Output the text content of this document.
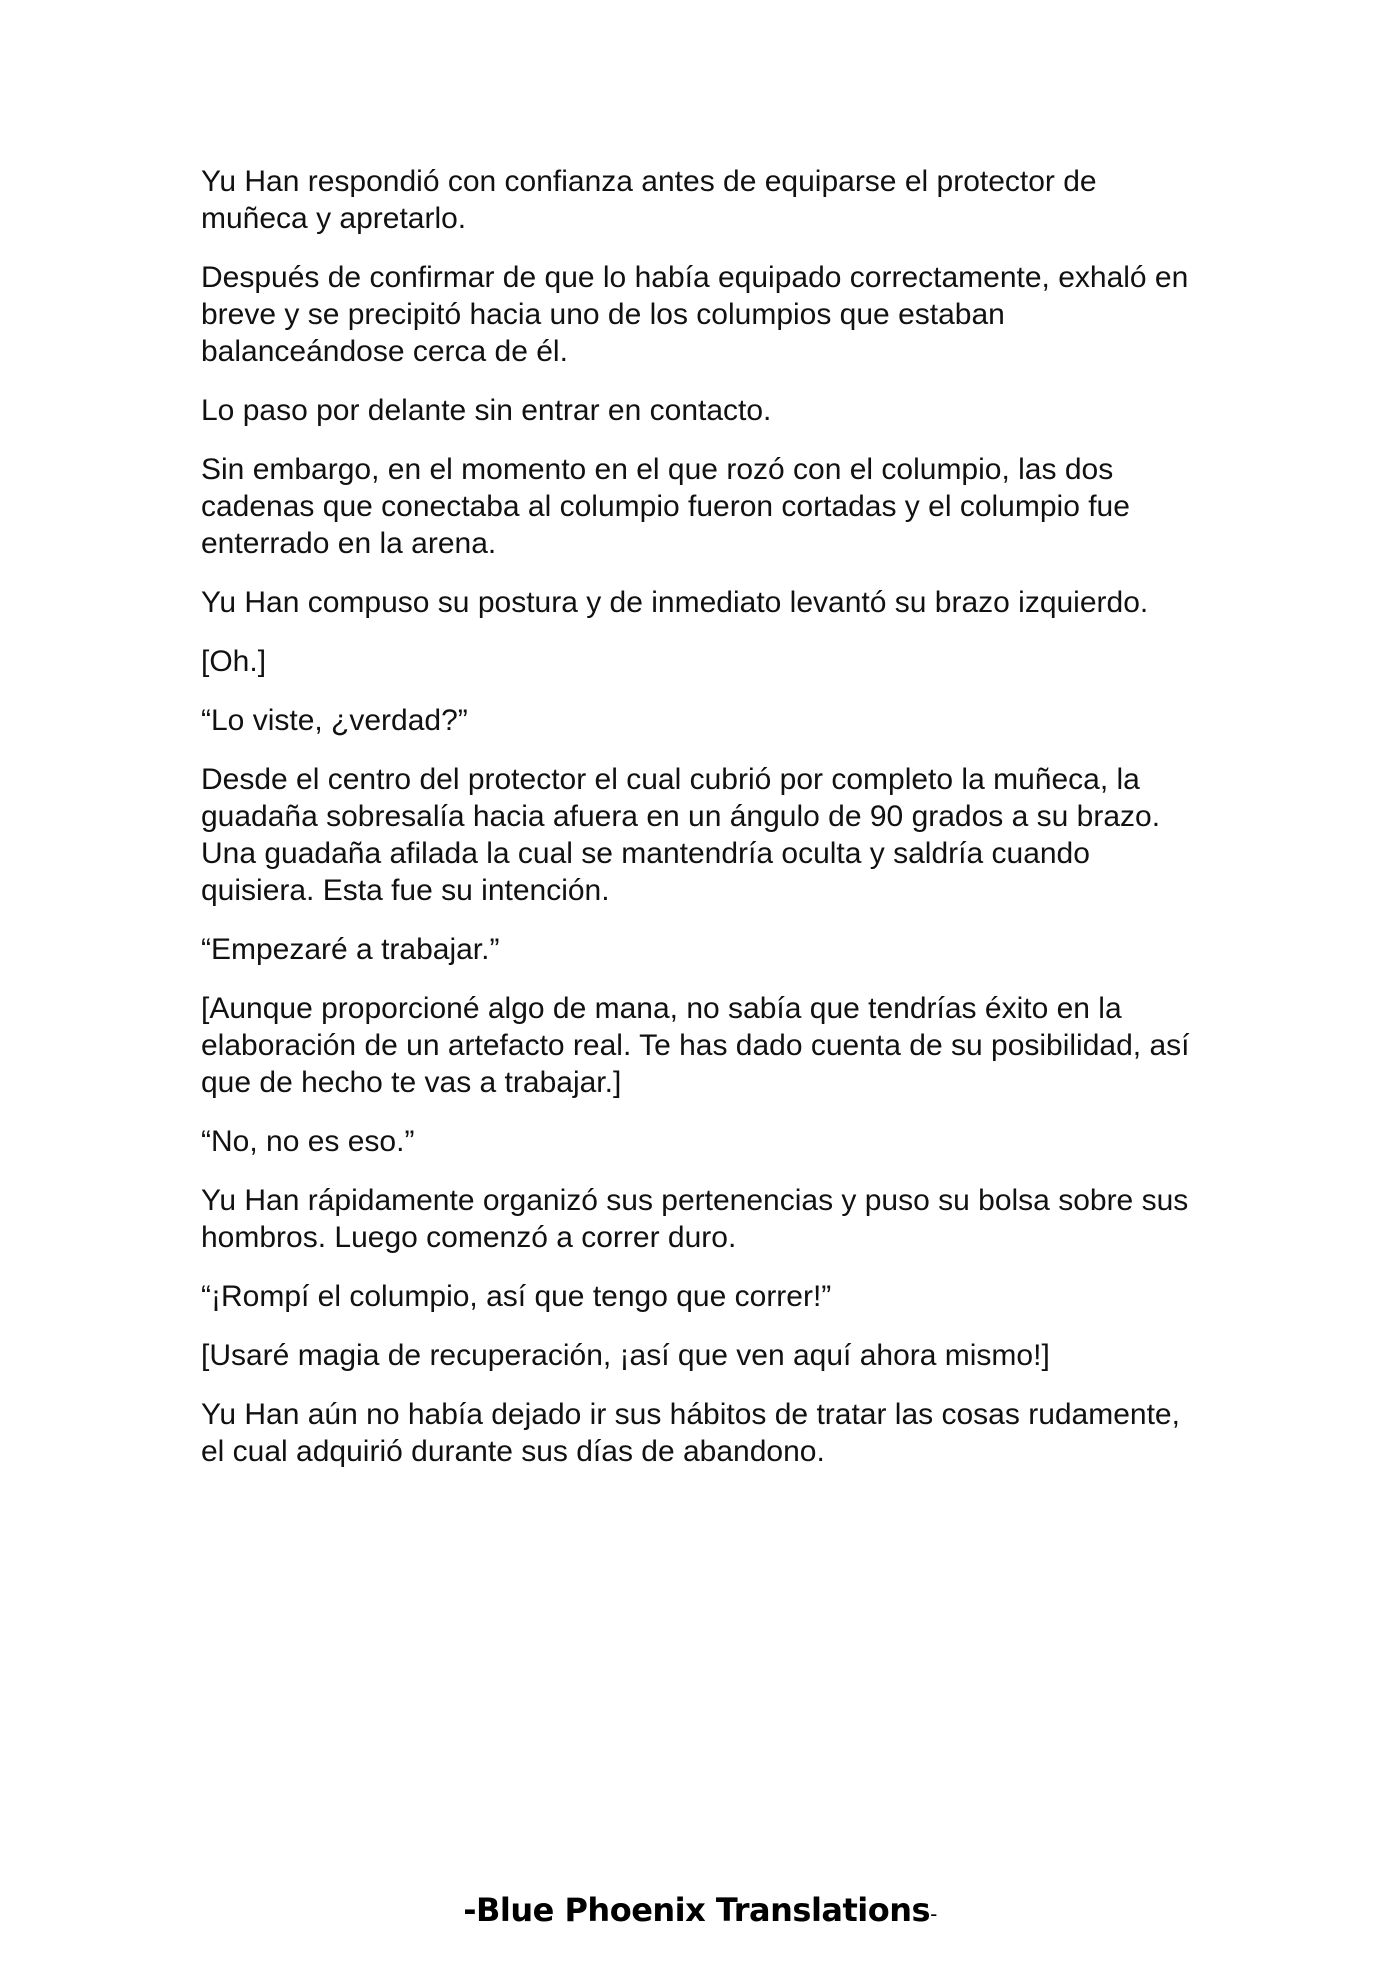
Yu Han respondió con confianza antes de equiparse el protector de muñeca y apretarlo.

Después de confirmar de que lo había equipado correctamente, exhaló en breve y se precipitó hacia uno de los columpios que estaban balanceándose cerca de él.

Lo paso por delante sin entrar en contacto.

Sin embargo, en el momento en el que rozó con el columpio, las dos cadenas que conectaba al columpio fueron cortadas y el columpio fue enterrado en la arena.

Yu Han compuso su postura y de inmediato levantó su brazo izquierdo.

[Oh.]

“Lo viste, ¿verdad?”

Desde el centro del protector el cual cubrió por completo la muñeca, la guadaña sobresalía hacia afuera en un ángulo de 90 grados a su brazo. Una guadaña afilada la cual se mantendría oculta y saldría cuando quisiera. Esta fue su intención.

“Empezaré a trabajar.”

[Aunque proporcioné algo de mana, no sabía que tendrías éxito en la elaboración de un artefacto real. Te has dado cuenta de su posibilidad, así que de hecho te vas a trabajar.]

“No, no es eso.”

Yu Han rápidamente organizó sus pertenencias y puso su bolsa sobre sus hombros. Luego comenzó a correr duro.

“¡Rompí el columpio, así que tengo que correr!”

[Usaré magia de recuperación, ¡así que ven aquí ahora mismo!]

Yu Han aún no había dejado ir sus hábitos de tratar las cosas rudamente, el cual adquirió durante sus días de abandono.

-Blue Phoenix Translations-
